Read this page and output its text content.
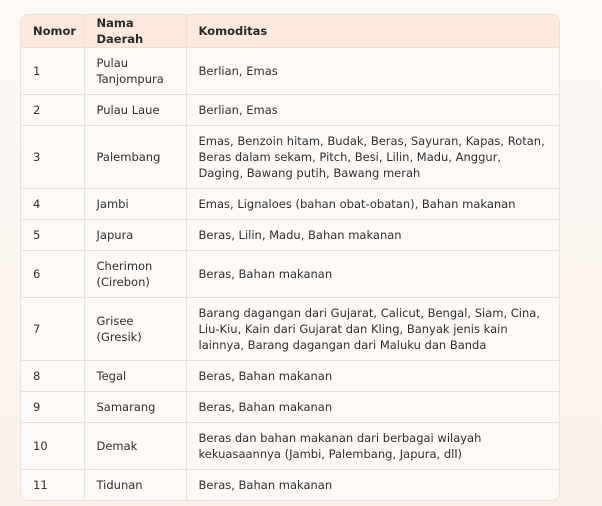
Nomor	Nama Daerah	Komoditas
1	Pulau Tanjompura	Berlian, Emas
2	Pulau Laue	Berlian, Emas
3	Palembang	Emas, Benzoin hitam, Budak, Beras, Sayuran, Kapas, Rotan, Beras dalam sekam, Pitch, Besi, Lilin, Madu, Anggur, Daging, Bawang putih, Bawang merah
4	Jambi	Emas, Lignaloes (bahan obat-obatan), Bahan makanan
5	Japura	Beras, Lilin, Madu, Bahan makanan
6	Cherimon (Cirebon)	Beras, Bahan makanan
7	Grisee (Gresik)	Barang dagangan dari Gujarat, Calicut, Bengal, Siam, Cina, Liu-Kiu, Kain dari Gujarat dan Kling, Banyak jenis kain lainnya, Barang dagangan dari Maluku dan Banda
8	Tegal	Beras, Bahan makanan
9	Samarang	Beras, Bahan makanan
10	Demak	Beras dan bahan makanan dari berbagai wilayah kekuasaannya (Jambi, Palembang, Japura, dll)
11	Tidunan	Beras, Bahan makanan
